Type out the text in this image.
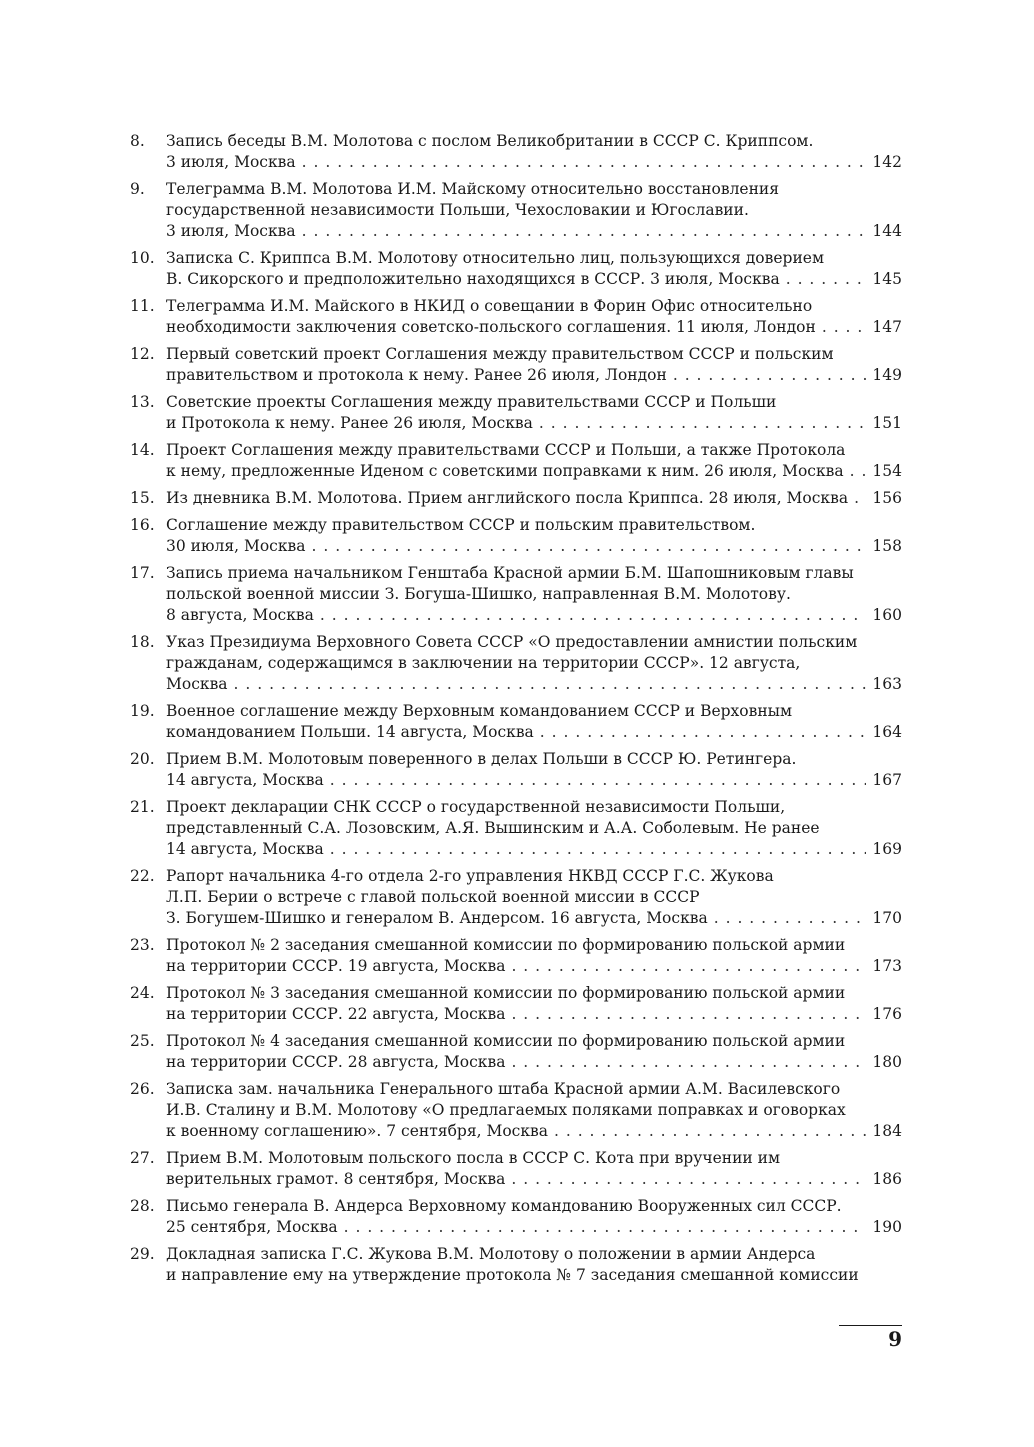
8.	Запись беседы В.М. Молотова с послом Великобритании в СССР С. Криппсом.
3 июля, Москва . . .	142
9.	Телеграмма В.М. Молотова И.М. Майскому относительно восстановления
государственной независимости Польши, Чехословакии и Югославии.
3 июля, Москва . . .	144
10. Записка С. Криппса В.М. Молотову относительно лиц, пользующихся доверием
В. Сикорского и предположительно находящихся в СССР. 3 июля, Москва . . .	145
11. Телеграмма И.М. Майского в НКИД о совещании в Форин Офис относительно
необходимости заключения советско-польского соглашения. 11 июля, Лондон . . .	147
12. Первый советский проект Соглашения между правительством СССР и польским
правительством и протокола к нему. Ранее 26 июля, Лондон . . .	149
13. Советские проекты Соглашения между правительствами СССР и Польши
и Протокола к нему. Ранее 26 июля, Москва . . .	151
14. Проект Соглашения между правительствами СССР и Польши, а также Протокола
к нему, предложенные Иденом с советскими поправками к ним. 26 июля, Москва . . . 154
15. Из дневника В.М. Молотова. Прием английского посла Криппса. 28 июля, Москва . . . 156
16. Соглашение между правительством СССР и польским правительством.
30 июля, Москва . . .	158
17. Запись приема начальником Генштаба Красной армии Б.М. Шапошниковым главы
польской военной миссии З. Богуша-Шишко, направленная В.М. Молотову.
8 августа, Москва . . .	160
18. Указ Президиума Верховного Совета СССР «О предоставлении амнистии польским
гражданам, содержащимся в заключении на территории СССР». 12 августа,
Москва . . .	163
19. Военное соглашение между Верховным командованием СССР и Верховным
командованием Польши. 14 августа, Москва . . .	164
20. Прием В.М. Молотовым поверенного в делах Польши в СССР Ю. Ретингера.
14 августа, Москва . . .	167
21. Проект декларации СНК СССР о государственной независимости Польши,
представленный С.А. Лозовским, А.Я. Вышинским и А.А. Соболевым. Не ранее
14 августа, Москва . . .	169
22. Рапорт начальника 4-го отдела 2-го управления НКВД СССР Г.С. Жукова
Л.П. Берии о встрече с главой польской военной миссии в СССР
З. Богушем-Шишко и генералом В. Андерсом. 16 августа, Москва . . .	170
23. Протокол № 2 заседания смешанной комиссии по формированию польской армии
на территории СССР. 19 августа, Москва . . .	173
24. Протокол № 3 заседания смешанной комиссии по формированию польской армии
на территории СССР. 22 августа, Москва . . .	176
25. Протокол № 4 заседания смешанной комиссии по формированию польской армии
на территории СССР. 28 августа, Москва . . .	180
26. Записка зам. начальника Генерального штаба Красной армии А.М. Василевского
И.В. Сталину и В.М. Молотову «О предлагаемых поляками поправках и оговорках
к военному соглашению». 7 сентября, Москва . . .	184
27. Прием В.М. Молотовым польского посла в СССР С. Кота при вручении им
верительных грамот. 8 сентября, Москва . . .	186
28. Письмо генерала В. Андерса Верховному командованию Вооруженных сил СССР.
25 сентября, Москва . . .	190
29. Докладная записка Г.С. Жукова В.М. Молотову о положении в армии Андерса
и направление ему на утверждение протокола № 7 заседания смешанной комиссии
9
